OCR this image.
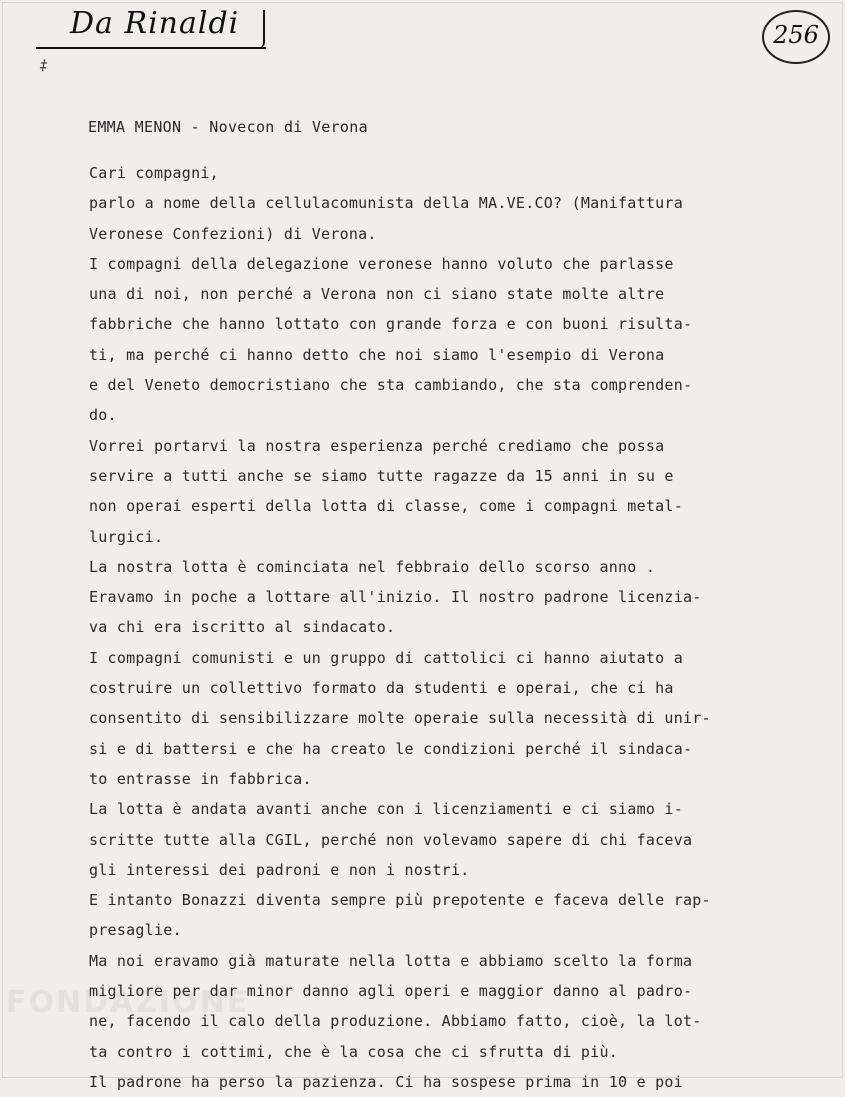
FONDAZIONE
Da Rinaldi
‡
256
EMMA MENON - Novecon di Verona
Cari compagni,
parlo a nome della cellulacomunista della MA.VE.CO? (Manifattura
Veronese Confezioni) di Verona.
I compagni della delegazione veronese hanno voluto che parlasse
una di noi, non perché a Verona non ci siano state molte altre
fabbriche che hanno lottato con grande forza e con buoni risulta-
ti, ma perché ci hanno detto che noi siamo l'esempio di Verona
e del Veneto democristiano che sta cambiando, che sta comprenden-
do.
Vorrei portarvi la nostra esperienza perché crediamo che possa
servire a tutti anche se siamo tutte ragazze da 15 anni in su e
non operai esperti della lotta di classe, come i compagni metal-
lurgici.
La nostra lotta è cominciata nel febbraio dello scorso anno .
Eravamo in poche a lottare all'inizio. Il nostro padrone licenzia-
va chi era iscritto al sindacato.
I compagni comunisti e un gruppo di cattolici ci hanno aiutato a
costruire un collettivo formato da studenti e operai, che ci ha
consentito di sensibilizzare molte operaie sulla necessità di unir-
si e di battersi e che ha creato le condizioni perché il sindaca-
to entrasse in fabbrica.
La lotta è andata avanti anche con i licenziamenti e ci siamo i-
scritte tutte alla CGIL, perché non volevamo sapere di chi faceva
gli interessi dei padroni e non i nostri.
E intanto Bonazzi diventa sempre più prepotente e faceva delle rap-
presaglie.
Ma noi eravamo già maturate nella lotta e abbiamo scelto la forma
migliore per dar minor danno agli operi e maggior danno al padro-
ne, facendo il calo della produzione. Abbiamo fatto, cioè, la lot-
ta contro i cottimi, che è la cosa che ci sfrutta di più.
Il padrone ha perso la pazienza. Ci ha sospese prima in 10 e poi
